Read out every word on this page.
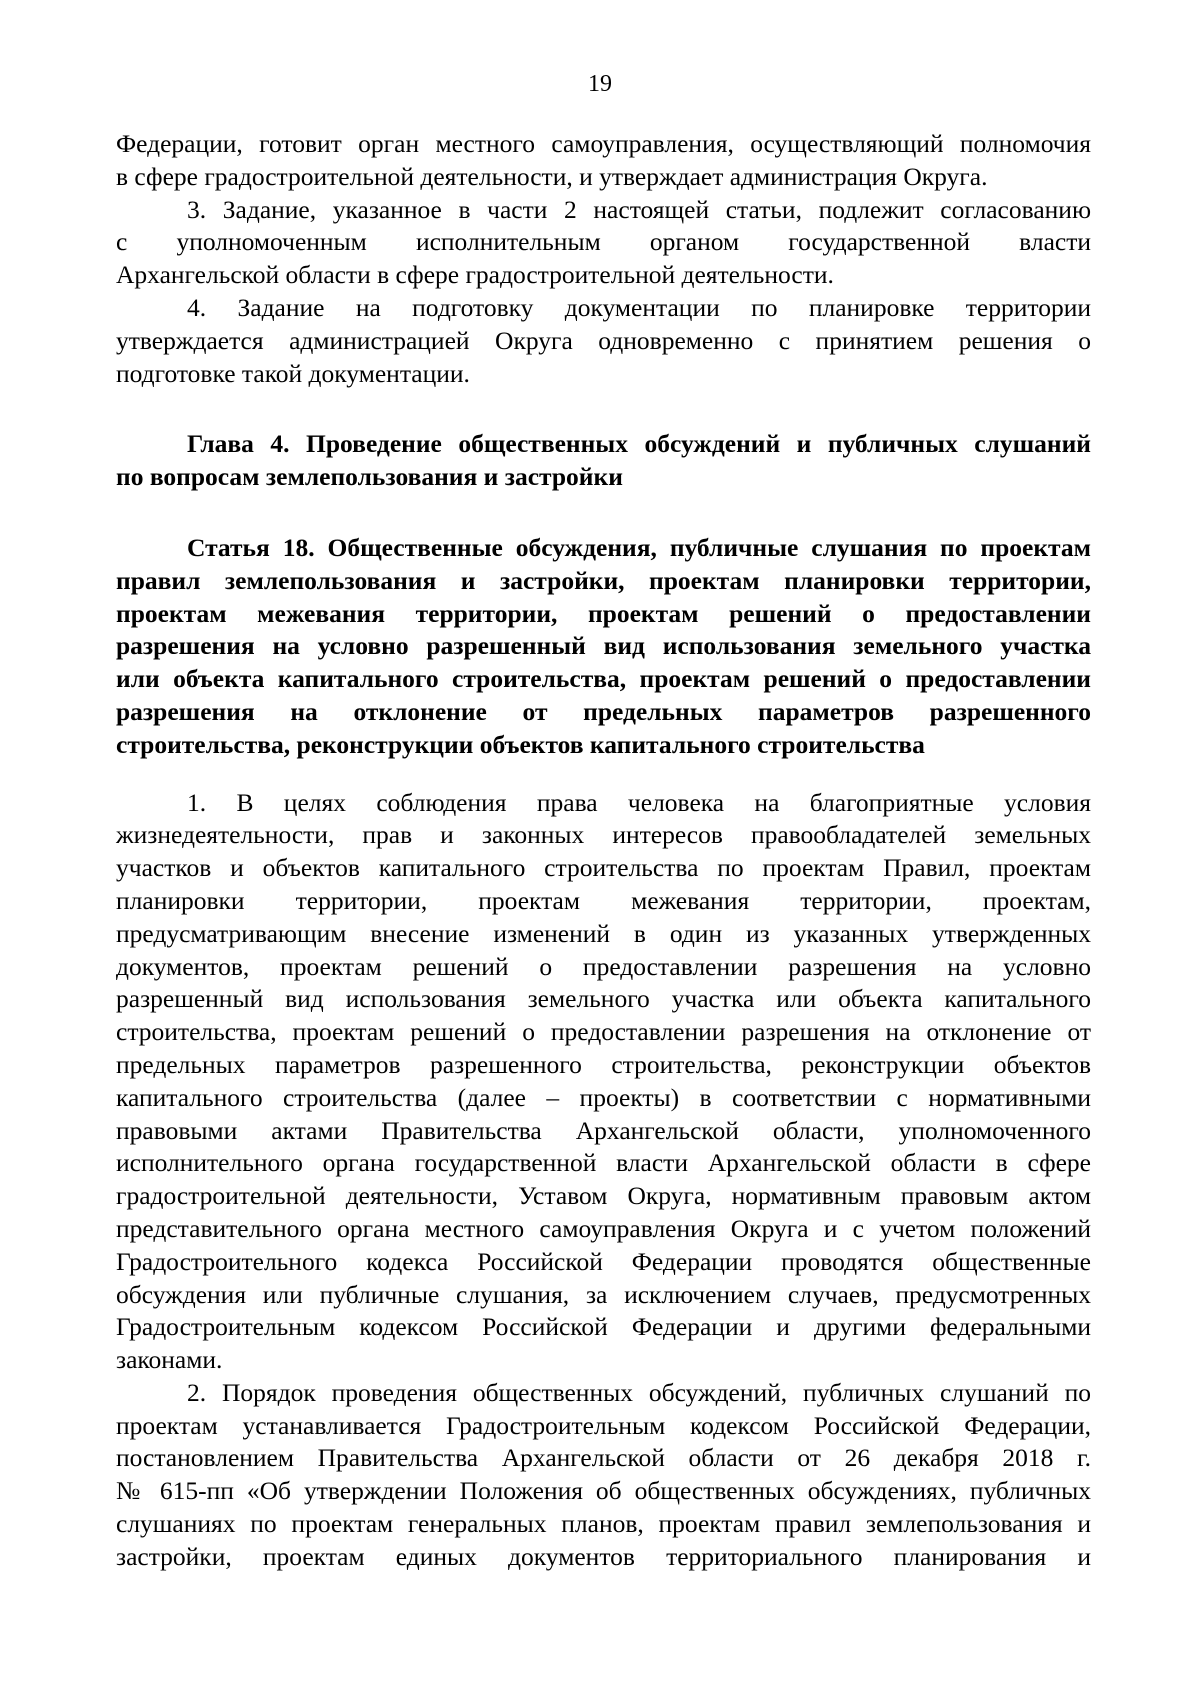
19
Федерации, готовит орган местного самоуправления, осуществляющий полномочия
в сфере градостроительной деятельности, и утверждает администрация Округа.
3. Задание, указанное в части 2 настоящей статьи, подлежит согласованию
с уполномоченным исполнительным органом государственной власти
Архангельской области в сфере градостроительной деятельности.
4. Задание на подготовку документации по планировке территории
утверждается администрацией Округа одновременно с принятием решения о
подготовке такой документации.
Глава 4. Проведение общественных обсуждений и публичных слушаний
по вопросам землепользования и застройки
Статья 18. Общественные обсуждения, публичные слушания по проектам
правил землепользования и застройки, проектам планировки территории,
проектам межевания территории, проектам решений о предоставлении
разрешения на условно разрешенный вид использования земельного участка
или объекта капитального строительства, проектам решений о предоставлении
разрешения на отклонение от предельных параметров разрешенного
строительства, реконструкции объектов капитального строительства
1. В целях соблюдения права человека на благоприятные условия
жизнедеятельности, прав и законных интересов правообладателей земельных
участков и объектов капитального строительства по проектам Правил, проектам
планировки территории, проектам межевания территории, проектам,
предусматривающим внесение изменений в один из указанных утвержденных
документов, проектам решений о предоставлении разрешения на условно
разрешенный вид использования земельного участка или объекта капитального
строительства, проектам решений о предоставлении разрешения на отклонение от
предельных параметров разрешенного строительства, реконструкции объектов
капитального строительства (далее – проекты) в соответствии с нормативными
правовыми актами Правительства Архангельской области, уполномоченного
исполнительного органа государственной власти Архангельской области в сфере
градостроительной деятельности, Уставом Округа, нормативным правовым актом
представительного органа местного самоуправления Округа и с учетом положений
Градостроительного кодекса Российской Федерации проводятся общественные
обсуждения или публичные слушания, за исключением случаев, предусмотренных
Градостроительным кодексом Российской Федерации и другими федеральными
законами.
2. Порядок проведения общественных обсуждений, публичных слушаний по
проектам устанавливается Градостроительным кодексом Российской Федерации,
постановлением Правительства Архангельской области от 26 декабря 2018 г.
№ 615-пп «Об утверждении Положения об общественных обсуждениях, публичных
слушаниях по проектам генеральных планов, проектам правил землепользования и
застройки, проектам единых документов территориального планирования и
